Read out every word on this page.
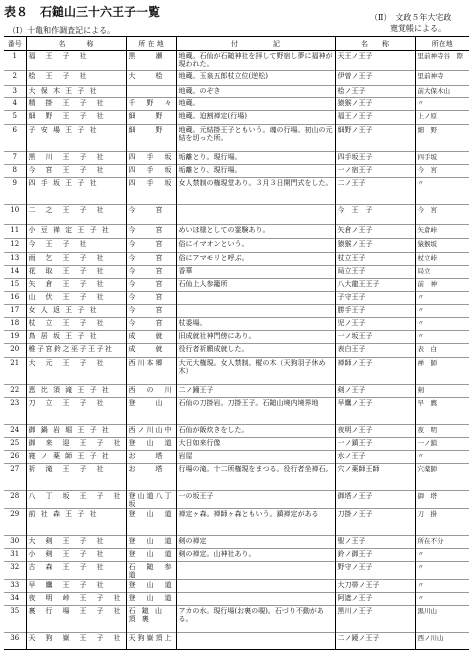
表８　石鎚山三十六王子一覧	（Ⅱ）　文政５年大宅政
寛覚帳による。
（Ⅰ）十亀和作調査記による。
番号	名　　　称	所 在 地	付　　　　　記	名　　称	所在地
1	福　王　子　社	黒　　瀬	地蔵。石仙が石鎚神社を拝して野宿し夢に福神が現われた。	天王ノ王子	里前神寺谷　際
2	桧　王　子　社	大　　桧	地蔵。玉泉五郎杖立位(逆松)	伊曽ノ王子	里前神寺
3	大 保 木 王 子 社		地蔵。のぞき	桧ノ王子	前大保木山
4	精　掛　王　子　社	千　野　々	地蔵。	猿猴ノ王子	〃
5	細　野　王　子　社	細　　野	地蔵。迫割禅定(行場)	福王ノ王子	上ノ原
6	子 安 場 王 子 社	細　　野	地蔵。元結掛王子ともいう。魂の行場。初山の元結を切った所。	細野ノ王子	細　野
7	黒　川　王　子　社	四　手　坂	垢離とり。現行場。	四手坂王子	四手坂
8	今　宮　王　子　社	四　手　坂	垢離とり、現行場。	一ノ宿王子	今　宮
9	四 手 坂 王 子 社	四　手　坂	女人禁制の権現堂あり。３月３日開門式をした。	二ノ王子	〃
10	二　之　王　子　社	今　　宮		今　王　子	今　宮
11	小 豆 禅 定 王 子 社	今　　宮	めいほ様としての霊験あり。	矢倉ノ王子	矢倉峠
12	今　王　子　社	今　　宮	俗にイマオンという。	猿猴ノ王子	猿猴坂
13	雨　乞　王　子　社	今　　宮	俗にアマモリと呼ぶ。	杖立王子	杖立峠
14	花　取　王　子　社	今　　宮	香華	局立王子	局立
15	矢　倉　王　子　社	今　　宮	石仙上人参籠所	八大龍王王子	前　神
16	山　伏　王　子　社	今　　宮		子守王子	〃
17	女 人 返 王 子 社	今　　宮		勝手王子	〃
18	杖　立　王　子　社	今　　宮	杖委場。	児ノ王子	〃
19	鳥 居 坂 王 子 社	成　　就	旧成就社神門傍にあり。	一ノ坂王子	〃
20	稚子宮鈴之巫子王子社	成　　就	役行者祈願成就した。	表白王子	表　白
21	大　元　王　子　社	西川本郷	大元大権現。女人禁制。樅の木（天狗羽子休め木）	禅師ノ王子	禅　師
22	恵 比 須 滝 王 子 社	西　の　川	二ノ鐘王子	剣ノ王子	剣
23	刀　立　王　子　社	登　　山	石仙の刀掛岩。刀掛王子。石鎚山境内境界地	早鷹ノ王子	早　鷹
24	御 鍋 岩 堀 王 子 社	西ノ川山中	石仙が飯炊きをした。	夜明ノ王子	夜　明
25	御　来　迎　王　子　社	登　山　道	大日如来行像	一ノ鎮王子	一ノ鎖
26	寝 ノ 薬 師 王 子 社	お　　塔	岩屋	水ノ王子	〃
27	祈　滝　王　子　社	お　　塔	行場の滝。十二所権現をまつる。役行者坐禅石。	穴ノ薬師王師	穴薬師
28	八　丁　坂　王　子　社	登山道八丁坂	一の坂王子	御塔ノ王子	御　塔
29	前 社 森 王 子 社	登　山　道	禅定ヶ森。禅師ヶ森ともいう。鎮禅定がある	刀掛ノ王子	刀　掛
30	大　剣　王　子　社	登　山　道	剣の禅定	聖ノ王子	所在不分
31	小　剣　王　子　社	登　山　道	剣の禅定。山神社あり。	鈴ノ御王子	〃
32	古　森　王　子　社	石　鎚　参　道		野守ノ王子	〃
33	早　鷹　王　子　社	登　山　道		大刀帯ノ王子	〃
34	夜　明　峠　王　子　社	登　山　道		阿遮ノ王子	〃
35	裏　行　場　王　子　社	石 鎚 山 頂 裏	アカの水。現行場(お裏の覗)。石づり不動がある。	黒川ノ王子	黒川山
36	天　狗　嶽　王　子　社	天狗嶽頂上		二ノ鏡ノ王子	西ノ川山
